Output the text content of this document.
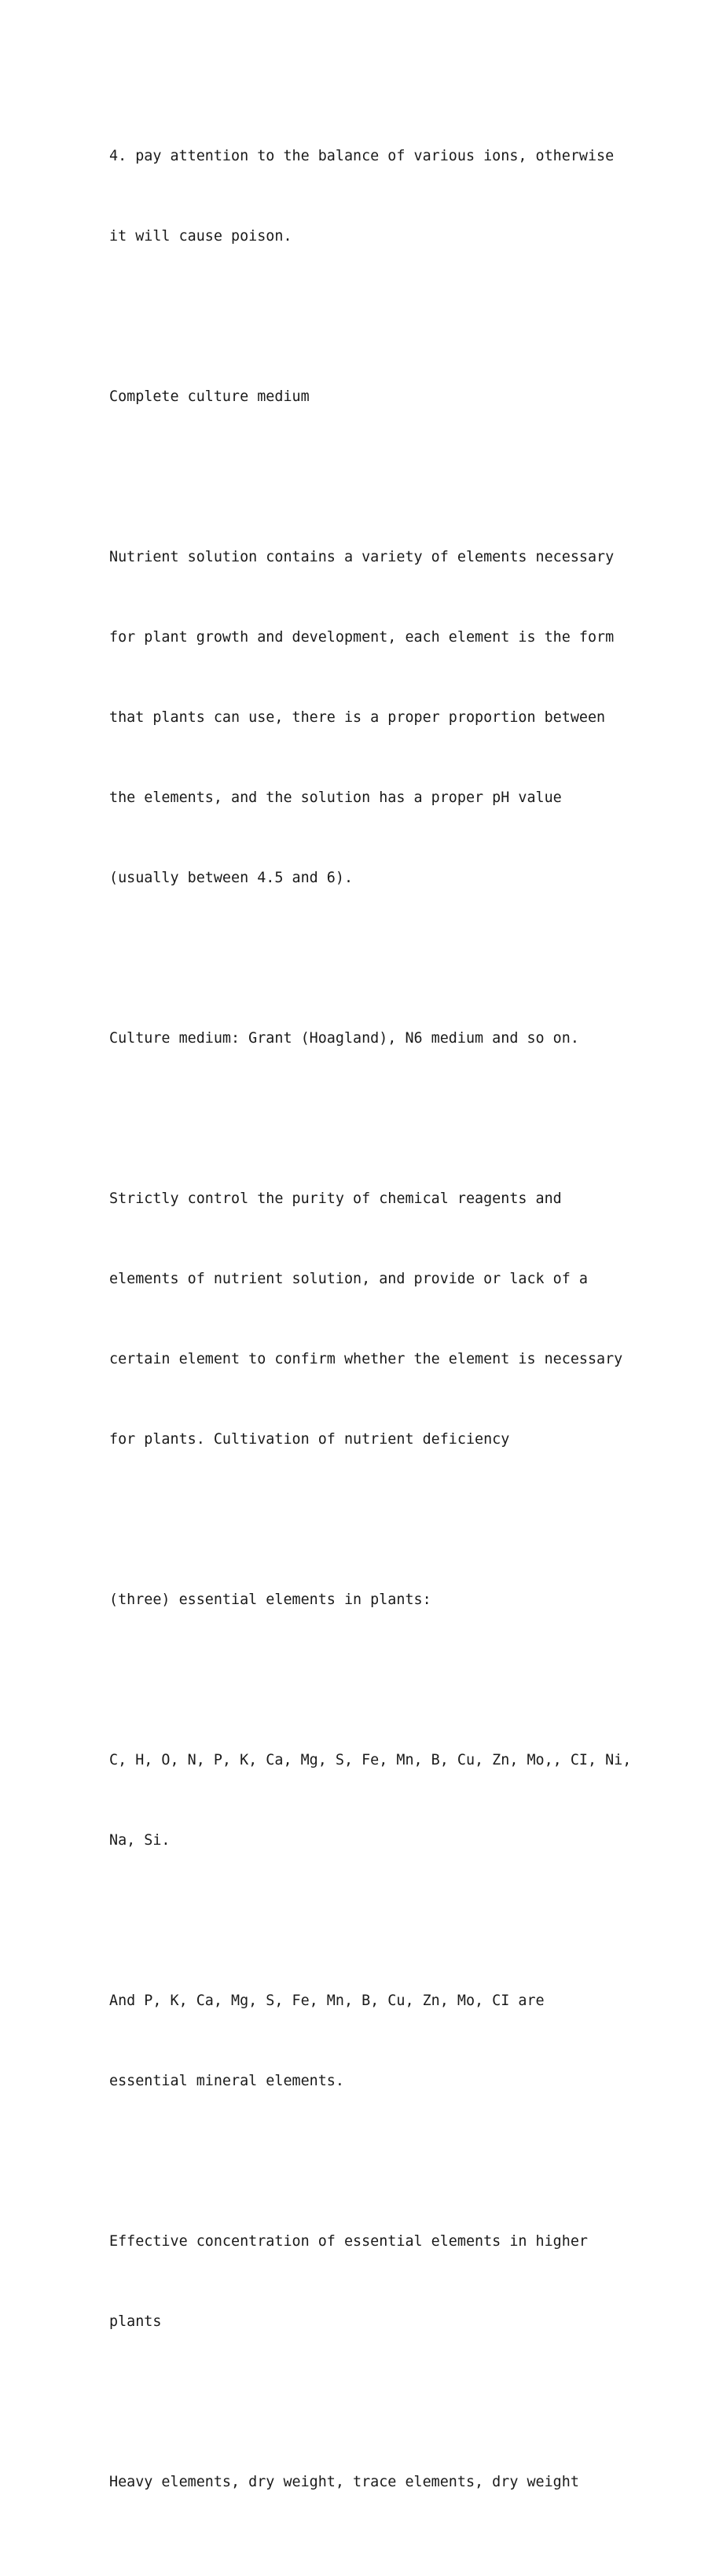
4. pay attention to the balance of various ions, otherwise

it will cause poison.

Complete culture medium

Nutrient solution contains a variety of elements necessary

for plant growth and development, each element is the form

that plants can use, there is a proper proportion between

the elements, and the solution has a proper pH value

(usually between 4.5 and 6).

Culture medium: Grant (Hoagland), N6 medium and so on.

Strictly control the purity of chemical reagents and

elements of nutrient solution, and provide or lack of a

certain element to confirm whether the element is necessary

for plants. Cultivation of nutrient deficiency

(three) essential elements in plants:

C, H, O, N, P, K, Ca, Mg, S, Fe, Mn, B, Cu, Zn, Mo,, CI, Ni,

Na, Si.

And P, K, Ca, Mg, S, Fe, Mn, B, Cu, Zn, Mo, CI are

essential mineral elements.

Effective concentration of essential elements in higher

plants

Heavy elements, dry weight, trace elements, dry weight
